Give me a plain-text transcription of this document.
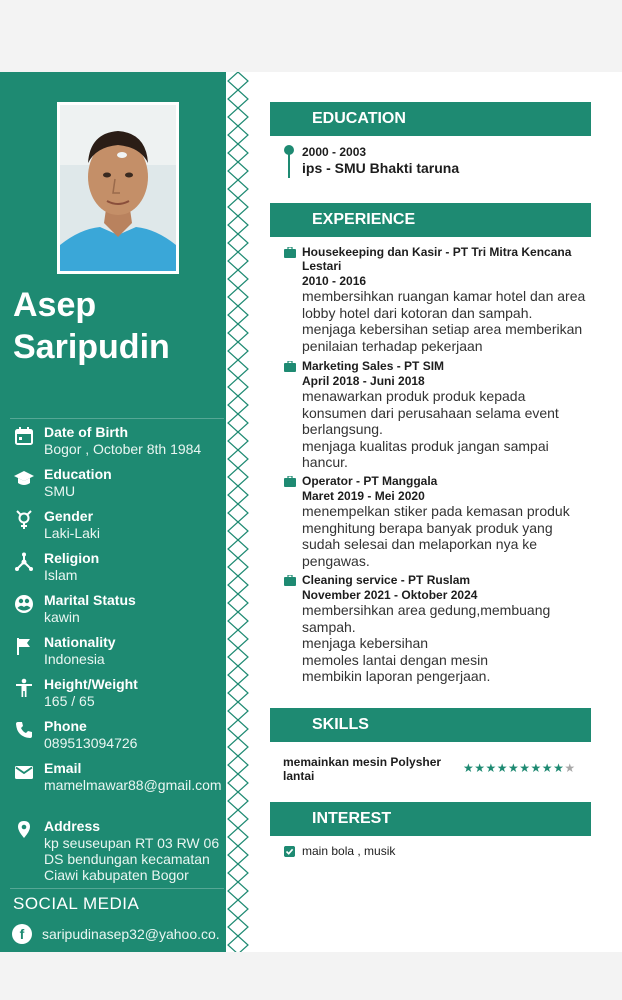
Asep
Saripudin
Date of Birth
Bogor , October 8th 1984
Education
SMU
Gender
Laki-Laki
Religion
Islam
Marital Status
kawin
Nationality
Indonesia
Height/Weight
165 / 65
Phone
089513094726
Email
mamelmawar88@gmail.com
Address
kp seuseupan RT 03 RW 06 DS bendungan kecamatan Ciawi kabupaten Bogor
SOCIAL MEDIA
f	saripudinasep32@yahoo.co.
EDUCATION
2000 - 2003
ips - SMU Bhakti taruna
EXPERIENCE
Housekeeping dan Kasir - PT Tri Mitra Kencana Lestari
2010 - 2016
membersihkan ruangan kamar hotel dan area lobby hotel dari kotoran dan sampah.
menjaga kebersihan setiap area memberikan penilaian terhadap pekerjaan
Marketing Sales - PT SIM
April 2018 - Juni 2018
menawarkan produk produk kepada konsumen dari perusahaan selama event berlangsung.
menjaga kualitas produk jangan sampai hancur.
Operator - PT Manggala
Maret 2019 - Mei 2020
menempelkan stiker pada kemasan produk menghitung berapa banyak produk yang sudah selesai dan melaporkan nya ke pengawas.
Cleaning service - PT Ruslam
November 2021 - Oktober 2024
membersihkan area gedung,membuang sampah.
menjaga kebersihan
memoles lantai dengan mesin
membikin laporan pengerjaan.
SKILLS
memainkan mesin Polysher lantai
★★★★★★★★★★
INTEREST
main bola , musik
